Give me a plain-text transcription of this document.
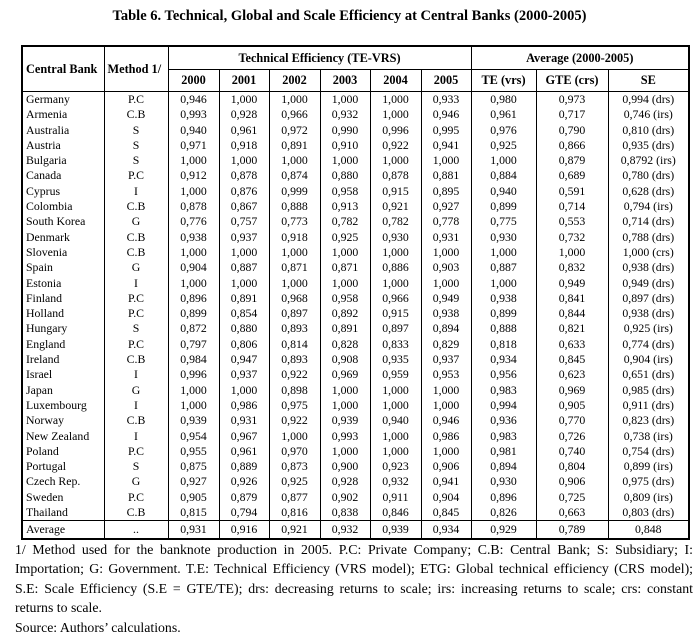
Table 6. Technical, Global and Scale Efficiency at Central Banks (2000-2005)

Central Bank	Method 1/	Technical Efficiency (TE-VRS)						Average (2000-2005)		
		2000	2001	2002	2003	2004	2005	TE (vrs)	GTE (crs)	SE
Germany	P.C	0,946	1,000	1,000	1,000	1,000	0,933	0,980	0,973	0,994 (drs)
Armenia	C.B	0,993	0,928	0,966	0,932	1,000	0,946	0,961	0,717	0,746 (irs)
Australia	S	0,940	0,961	0,972	0,990	0,996	0,995	0,976	0,790	0,810 (drs)
Austria	S	0,971	0,918	0,891	0,910	0,922	0,941	0,925	0,866	0,935 (drs)
Bulgaria	S	1,000	1,000	1,000	1,000	1,000	1,000	1,000	0,879	0,8792 (irs)
Canada	P.C	0,912	0,878	0,874	0,880	0,878	0,881	0,884	0,689	0,780 (drs)
Cyprus	I	1,000	0,876	0,999	0,958	0,915	0,895	0,940	0,591	0,628 (drs)
Colombia	C.B	0,878	0,867	0,888	0,913	0,921	0,927	0,899	0,714	0,794 (irs)
South Korea	G	0,776	0,757	0,773	0,782	0,782	0,778	0,775	0,553	0,714 (drs)
Denmark	C.B	0,938	0,937	0,918	0,925	0,930	0,931	0,930	0,732	0,788 (drs)
Slovenia	C.B	1,000	1,000	1,000	1,000	1,000	1,000	1,000	1,000	1,000 (crs)
Spain	G	0,904	0,887	0,871	0,871	0,886	0,903	0,887	0,832	0,938 (drs)
Estonia	I	1,000	1,000	1,000	1,000	1,000	1,000	1,000	0,949	0,949 (drs)
Finland	P.C	0,896	0,891	0,968	0,958	0,966	0,949	0,938	0,841	0,897 (drs)
Holland	P.C	0,899	0,854	0,897	0,892	0,915	0,938	0,899	0,844	0,938 (drs)
Hungary	S	0,872	0,880	0,893	0,891	0,897	0,894	0,888	0,821	0,925 (irs)
England	P.C	0,797	0,806	0,814	0,828	0,833	0,829	0,818	0,633	0,774 (drs)
Ireland	C.B	0,984	0,947	0,893	0,908	0,935	0,937	0,934	0,845	0,904 (irs)
Israel	I	0,996	0,937	0,922	0,969	0,959	0,953	0,956	0,623	0,651 (drs)
Japan	G	1,000	1,000	0,898	1,000	1,000	1,000	0,983	0,969	0,985 (drs)
Luxembourg	I	1,000	0,986	0,975	1,000	1,000	1,000	0,994	0,905	0,911 (drs)
Norway	C.B	0,939	0,931	0,922	0,939	0,940	0,946	0,936	0,770	0,823 (drs)
New Zealand	I	0,954	0,967	1,000	0,993	1,000	0,986	0,983	0,726	0,738 (irs)
Poland	P.C	0,955	0,961	0,970	1,000	1,000	1,000	0,981	0,740	0,754 (drs)
Portugal	S	0,875	0,889	0,873	0,900	0,923	0,906	0,894	0,804	0,899 (irs)
Czech Rep.	G	0,927	0,926	0,925	0,928	0,932	0,941	0,930	0,906	0,975 (drs)
Sweden	P.C	0,905	0,879	0,877	0,902	0,911	0,904	0,896	0,725	0,809 (irs)
Thailand	C.B	0,815	0,794	0,816	0,838	0,846	0,845	0,826	0,663	0,803 (drs)
Average	..	0,931	0,916	0,921	0,932	0,939	0,934	0,929	0,789	0,848

1/ Method used for the banknote production in 2005. P.C: Private Company; C.B: Central Bank; S: Subsidiary; I: Importation; G: Government. T.E: Technical Efficiency (VRS model); ETG: Global technical efficiency (CRS model); S.E: Scale Efficiency (S.E = GTE/TE); drs: decreasing returns to scale; irs: increasing returns to scale; crs: constant returns to scale.

Source: Authors’ calculations.
